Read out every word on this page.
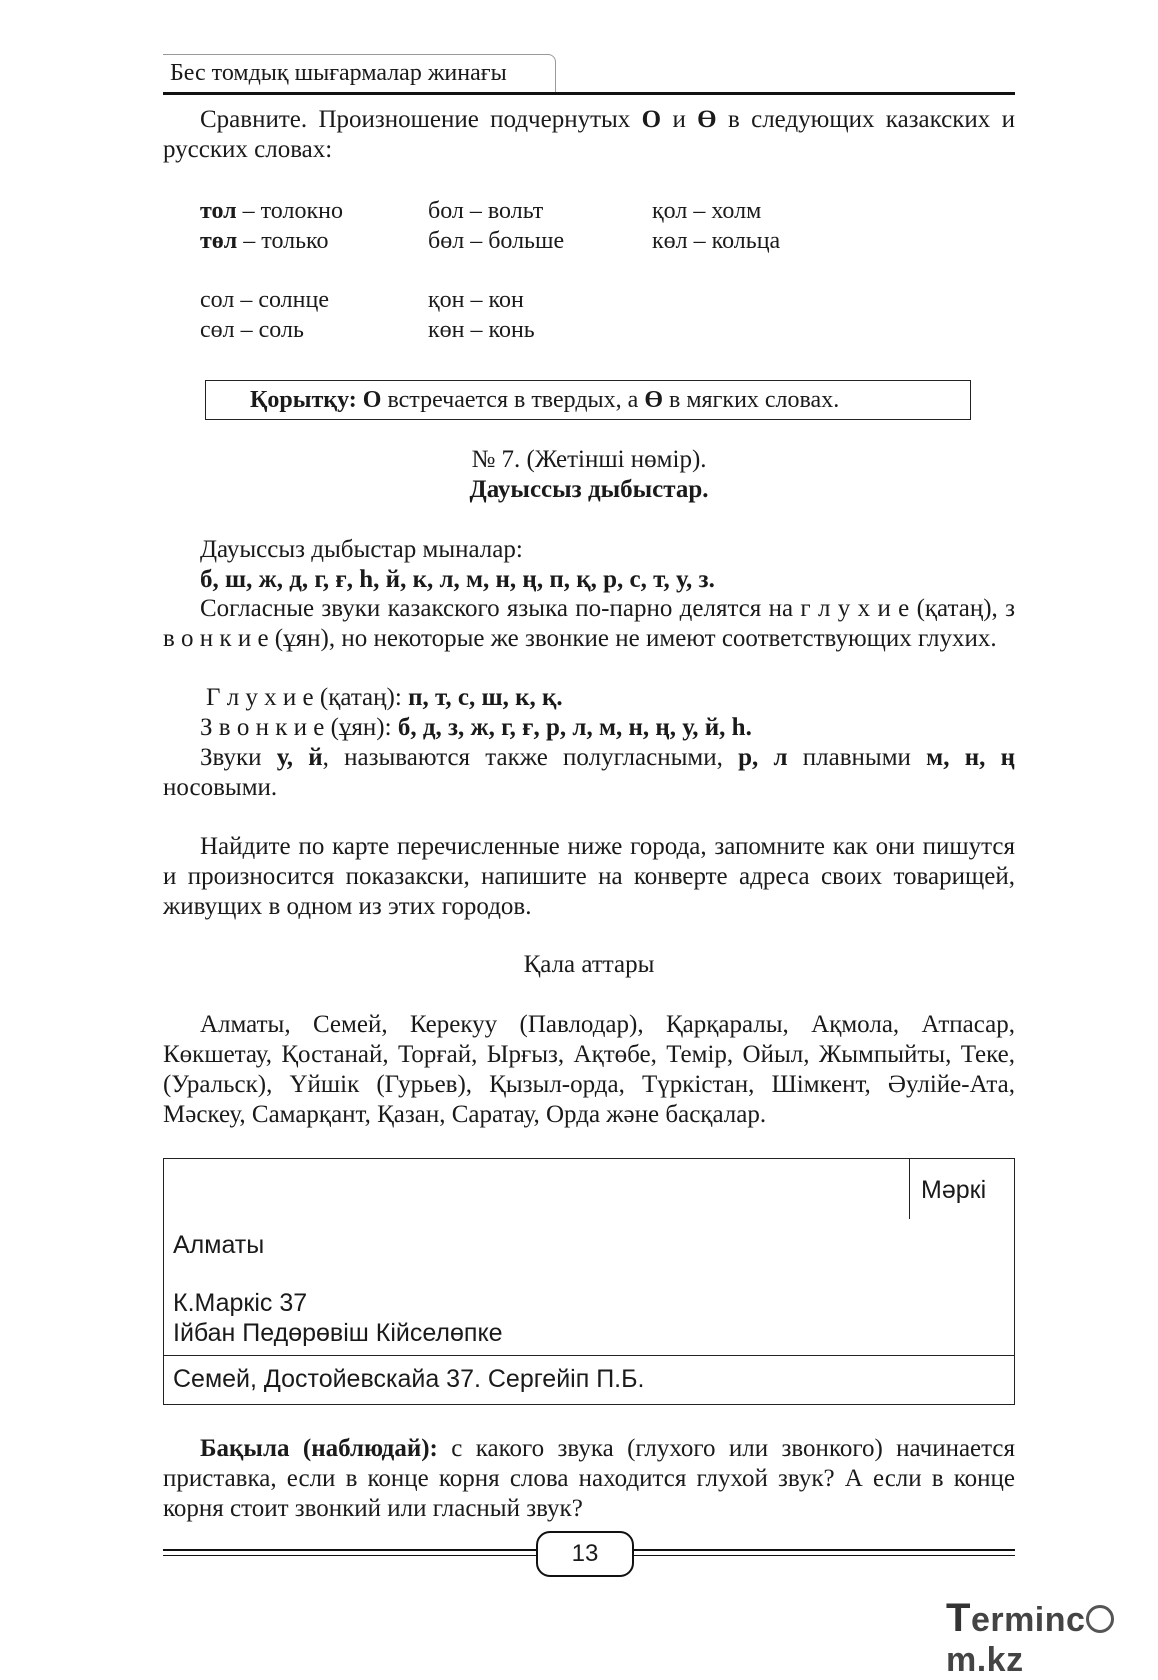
Бес томдық шығармалар жинағы
Сравните. Произношение подчернутых О и Ө в следующих казакских и русских словах:
тол – толокно	бол – вольт	қол – холм
төл – только	бөл – больше	көл – кольца
сол – солнце	қон – кон
сөл – соль	көн – конь
Қорытқу: О встречается в твердых, а Ө в мягких словах.
№ 7. (Жетінші нөмір).
Дауыссыз дыбыстар.
Дауыссыз дыбыстар мыналар:
б, ш, ж, д, г, ғ, һ, й, к, л, м, н, ң, п, қ, р, с, т, у, з.
Согласные звуки казакского языка по-парно делятся на г л у х и е (қатаң), з в о н к и е (ұян), но некоторые же звонкие не имеют соответствующих глухих.
Г л у х и е (қатаң): п, т, с, ш, к, қ.
З в о н к и е (ұян): б, д, з, ж, г, ғ, р, л, м, н, ң, у, й, һ.
Звуки у, й, называются также полугласными, р, л плавными м, н, ң носовыми.
Найдите по карте перечисленные ниже города, запомните как они пишутся и произносится показакски, напишите на конверте адреса своих товарищей, живущих в одном из этих городов.
Қала аттары
Алматы, Семей, Керекуу (Павлодар), Қарқаралы, Ақмола, Атпасар, Көкшетау, Қостанай, Торғай, Ырғыз, Ақтөбе, Темір, Ойыл, Жымпыйты, Теке, (Уральск), Үйшік (Гурьев), Қызыл-орда, Түркістан, Шімкент, Әулійе-Ата, Мәскеу, Самарқант, Қазан, Саратау, Орда және басқалар.
Мәркі
Алматы
К.Маркіс 37
Ійбан Педөрөвіш Кійселөпке
Семей, Достойевскайа 37. Сергейіп П.Б.
Бақыла (наблюдай): с какого звука (глухого или звонкого) начинается приставка, если в конце корня слова находится глухой звук? А если в конце корня стоит звонкий или гласный звук?
13
Termincm.kz
